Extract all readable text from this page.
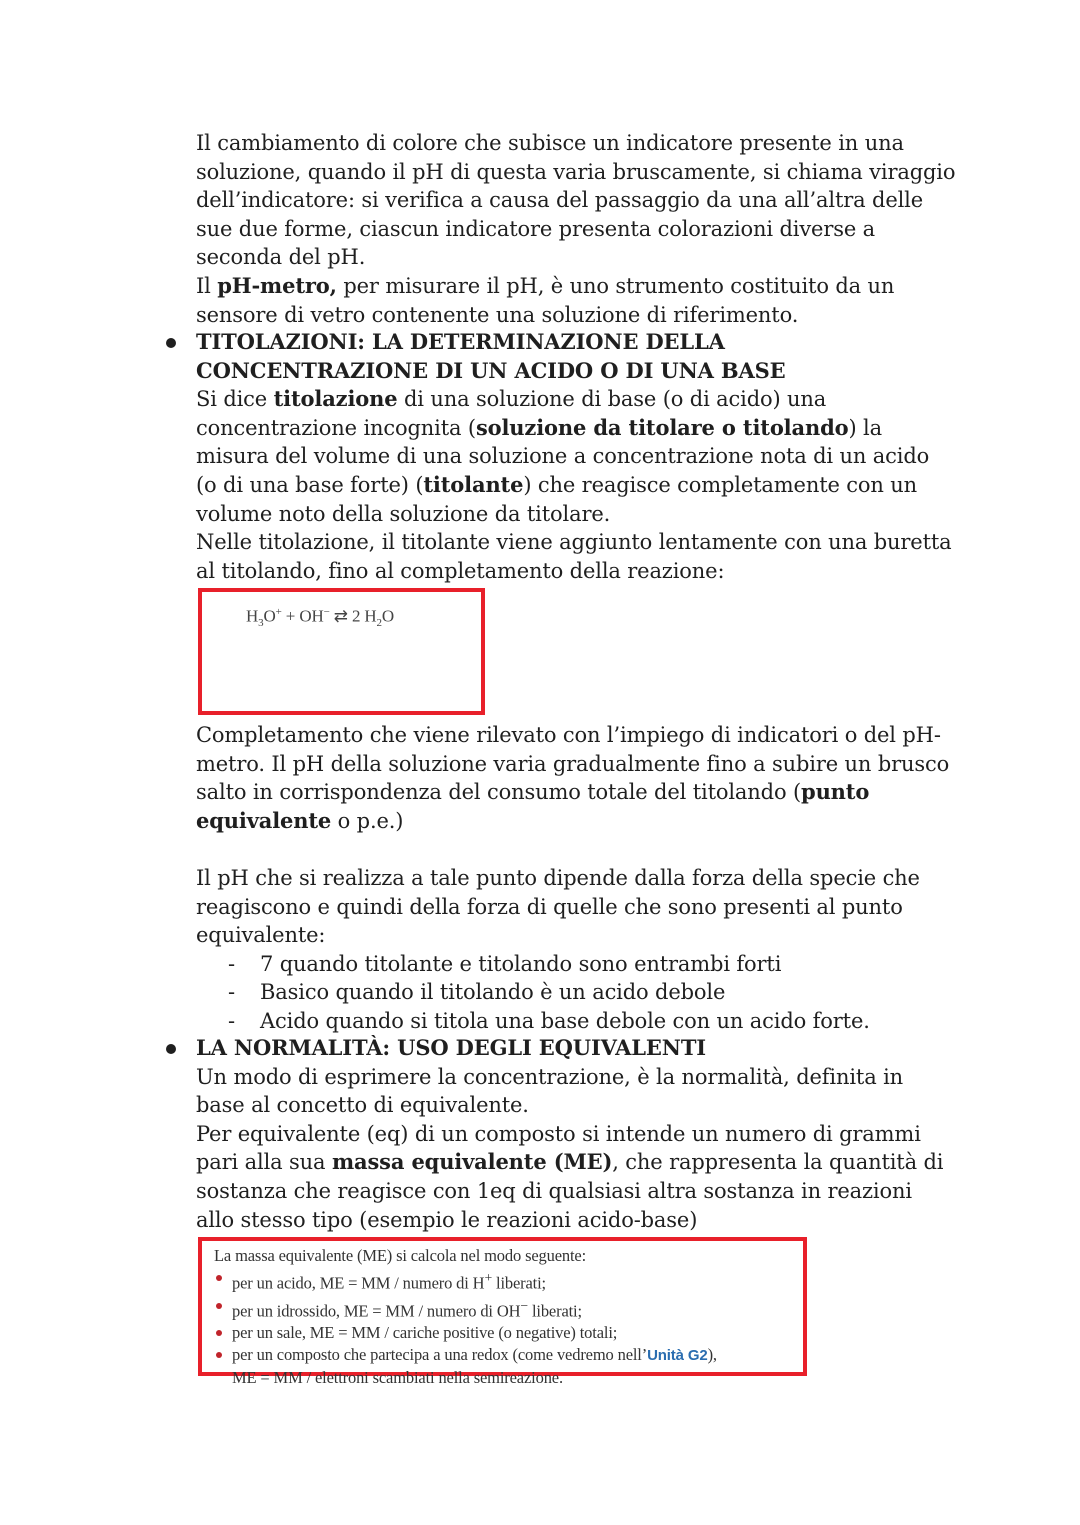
Il cambiamento di colore che subisce un indicatore presente in una soluzione, quando il pH di questa varia bruscamente, si chiama viraggio dell’indicatore: si verifica a causa del passaggio da una all’altra delle sue due forme, ciascun indicatore presenta colorazioni diverse a seconda del pH.

Il pH-metro, per misurare il pH, è uno strumento costituito da un sensore di vetro contenente una soluzione di riferimento.

TITOLAZIONI: LA DETERMINAZIONE DELLA CONCENTRAZIONE DI UN ACIDO O DI UNA BASE

Si dice titolazione di una soluzione di base (o di acido) una concentrazione incognita (soluzione da titolare o titolando) la misura del volume di una soluzione a concentrazione nota di un acido (o di una base forte) (titolante) che reagisce completamente con un volume noto della soluzione da titolare.

Nelle titolazione, il titolante viene aggiunto lentamente con una buretta al titolando, fino al completamento della reazione:

$H_3O^+ + OH^-$ ⇄ 2 $H_2O$

Completamento che viene rilevato con l’impiego di indicatori o del pH-metro. Il pH della soluzione varia gradualmente fino a subire un brusco salto in corrispondenza del consumo totale del titolando (punto equivalente o p.e.)

Il pH che si realizza a tale punto dipende dalla forza della specie che reagiscono e quindi della forza di quelle che sono presenti al punto equivalente:

- 7 quando titolante e titolando sono entrambi forti
- Basico quando il titolando è un acido debole
- Acido quando si titola una base debole con un acido forte.

LA NORMALITÀ: USO DEGLI EQUIVALENTI

Un modo di esprimere la concentrazione, è la normalità, definita in base al concetto di equivalente.

Per equivalente (eq) di un composto si intende un numero di grammi pari alla sua massa equivalente (ME), che rappresenta la quantità di sostanza che reagisce con 1eq di qualsiasi altra sostanza in reazioni allo stesso tipo (esempio le reazioni acido-base)

La massa equivalente (ME) si calcola nel modo seguente:
per un acido, ME = MM / numero di H+ liberati;
per un idrossido, ME = MM / numero di OH− liberati;
per un sale, ME = MM / cariche positive (o negative) totali;
per un composto che partecipa a una redox (come vedremo nell’Unità G2),
ME = MM / elettroni scambiati nella semireazione.
